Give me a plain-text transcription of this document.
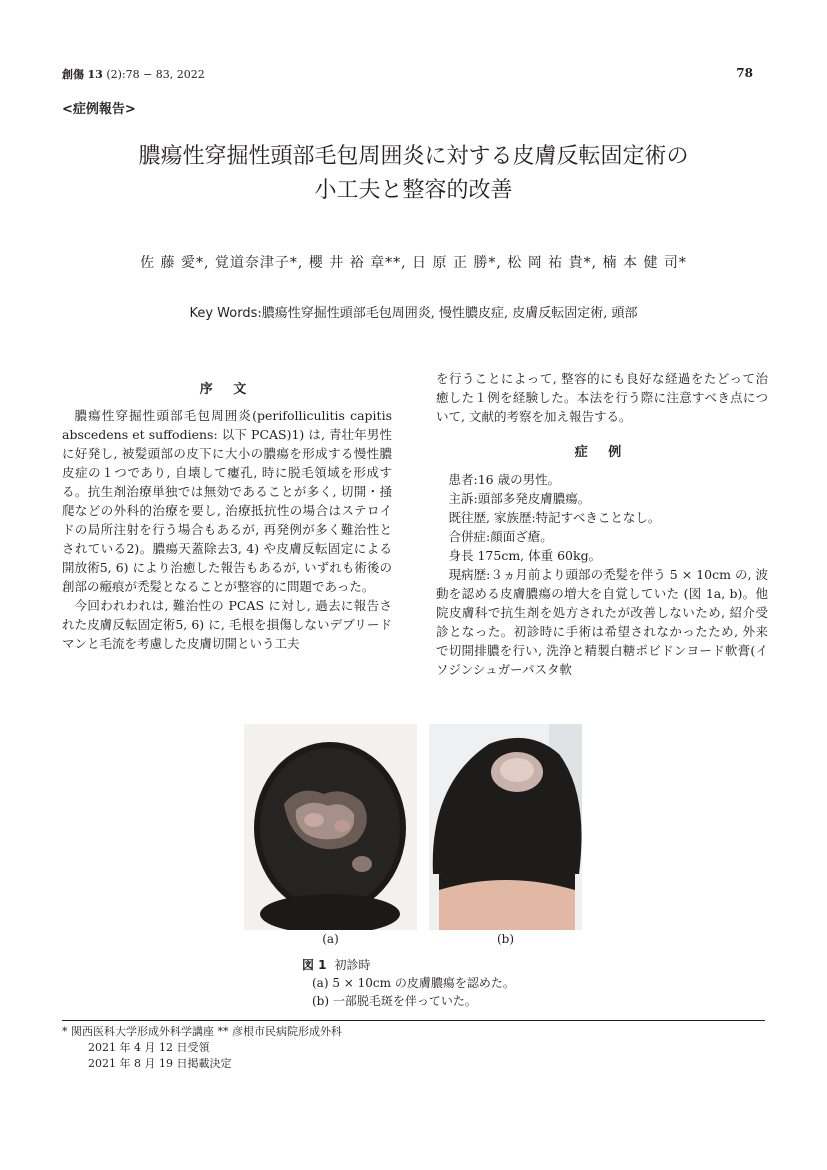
創傷 13 (2):78 − 83, 2022	78
<症例報告>
膿瘍性穿掘性頭部毛包周囲炎に対する皮膚反転固定術の
小工夫と整容的改善
佐 藤 愛*, 覚道奈津子*, 櫻 井 裕 章**, 日 原 正 勝*, 松 岡 祐 貴*, 楠 本 健 司*
Key Words:膿瘍性穿掘性頭部毛包周囲炎, 慢性膿皮症, 皮膚反転固定術, 頭部
序 文

膿瘍性穿掘性頭部毛包周囲炎(perifolliculitis capitis abscedens et suffodiens: 以下 PCAS)1) は, 青壮年男性に好発し, 被髪頭部の皮下に大小の膿瘍を形成する慢性膿皮症の１つであり, 自壊して瘻孔, 時に脱毛領域を形成する。抗生剤治療単独では無効であることが多く, 切開・掻爬などの外科的治療を要し, 治療抵抗性の場合はステロイドの局所注射を行う場合もあるが, 再発例が多く難治性とされている2)。膿瘍天蓋除去3, 4) や皮膚反転固定による開放術5, 6) により治癒した報告もあるが, いずれも術後の創部の瘢痕が禿髪となることが整容的に問題であった。

今回われわれは, 難治性の PCAS に対し, 過去に報告された皮膚反転固定術5, 6) に, 毛根を損傷しないデブリードマンと毛流を考慮した皮膚切開という工夫

を行うことによって, 整容的にも良好な経過をたどって治癒した１例を経験した。本法を行う際に注意すべき点について, 文献的考察を加え報告する。

症 例

患者:16 歳の男性。

主訴:頭部多発皮膚膿瘍。

既往歴, 家族歴:特記すべきことなし。

合併症:顔面ざ瘡。

身長 175cm, 体重 60kg。

現病歴:３ヵ月前より頭部の禿髪を伴う 5 × 10cm の, 波動を認める皮膚膿瘍の増大を自覚していた (図 1a, b)。他院皮膚科で抗生剤を処方されたが改善しないため, 紹介受診となった。初診時に手術は希望されなかったため, 外来で切開排膿を行い, 洗浄と精製白糖ポビドンヨード軟膏(イソジンシュガーパスタ軟

(a)	(b)
図 1 初診時
(a) 5 × 10cm の皮膚膿瘍を認めた。
(b) 一部脱毛斑を伴っていた。
* 関西医科大学形成外科学講座 ** 彦根市民病院形成外科
2021 年 4 月 12 日受領
2021 年 8 月 19 日掲載決定
